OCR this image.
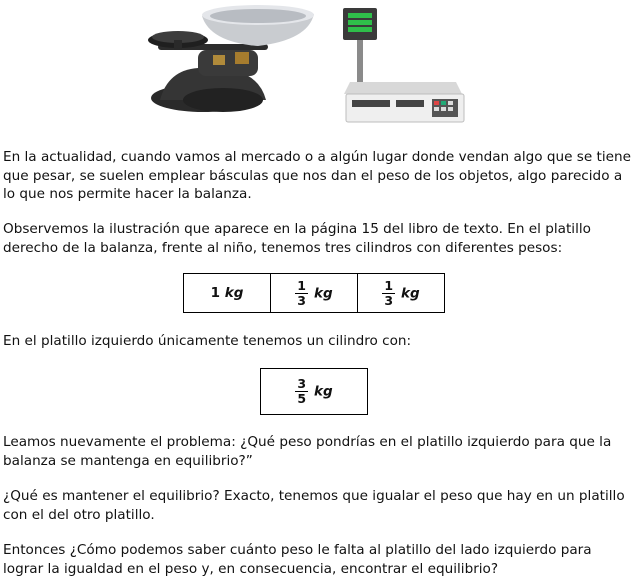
En la actualidad, cuando vamos al mercado o a algún lugar donde vendan algo que se tiene que pesar, se suelen emplear básculas que nos dan el peso de los objetos, algo parecido a lo que nos permite hacer la balanza.

Observemos la ilustración que aparece en la página 15 del libro de texto. En el platillo derecho de la balanza, frente al niño, tenemos tres cilindros con diferentes pesos:

1 kg	$\frac{1}{3}$ kg	$\frac{1}{3}$ kg

En el platillo izquierdo únicamente tenemos un cilindro con:

$\frac{3}{5}$ kg

Leamos nuevamente el problema: ¿Qué peso pondrías en el platillo izquierdo para que la balanza se mantenga en equilibrio?”

¿Qué es mantener el equilibrio? Exacto, tenemos que igualar el peso que hay en un platillo con el del otro platillo.

Entonces ¿Cómo podemos saber cuánto peso le falta al platillo del lado izquierdo para lograr la igualdad en el peso y, en consecuencia, encontrar el equilibrio?
